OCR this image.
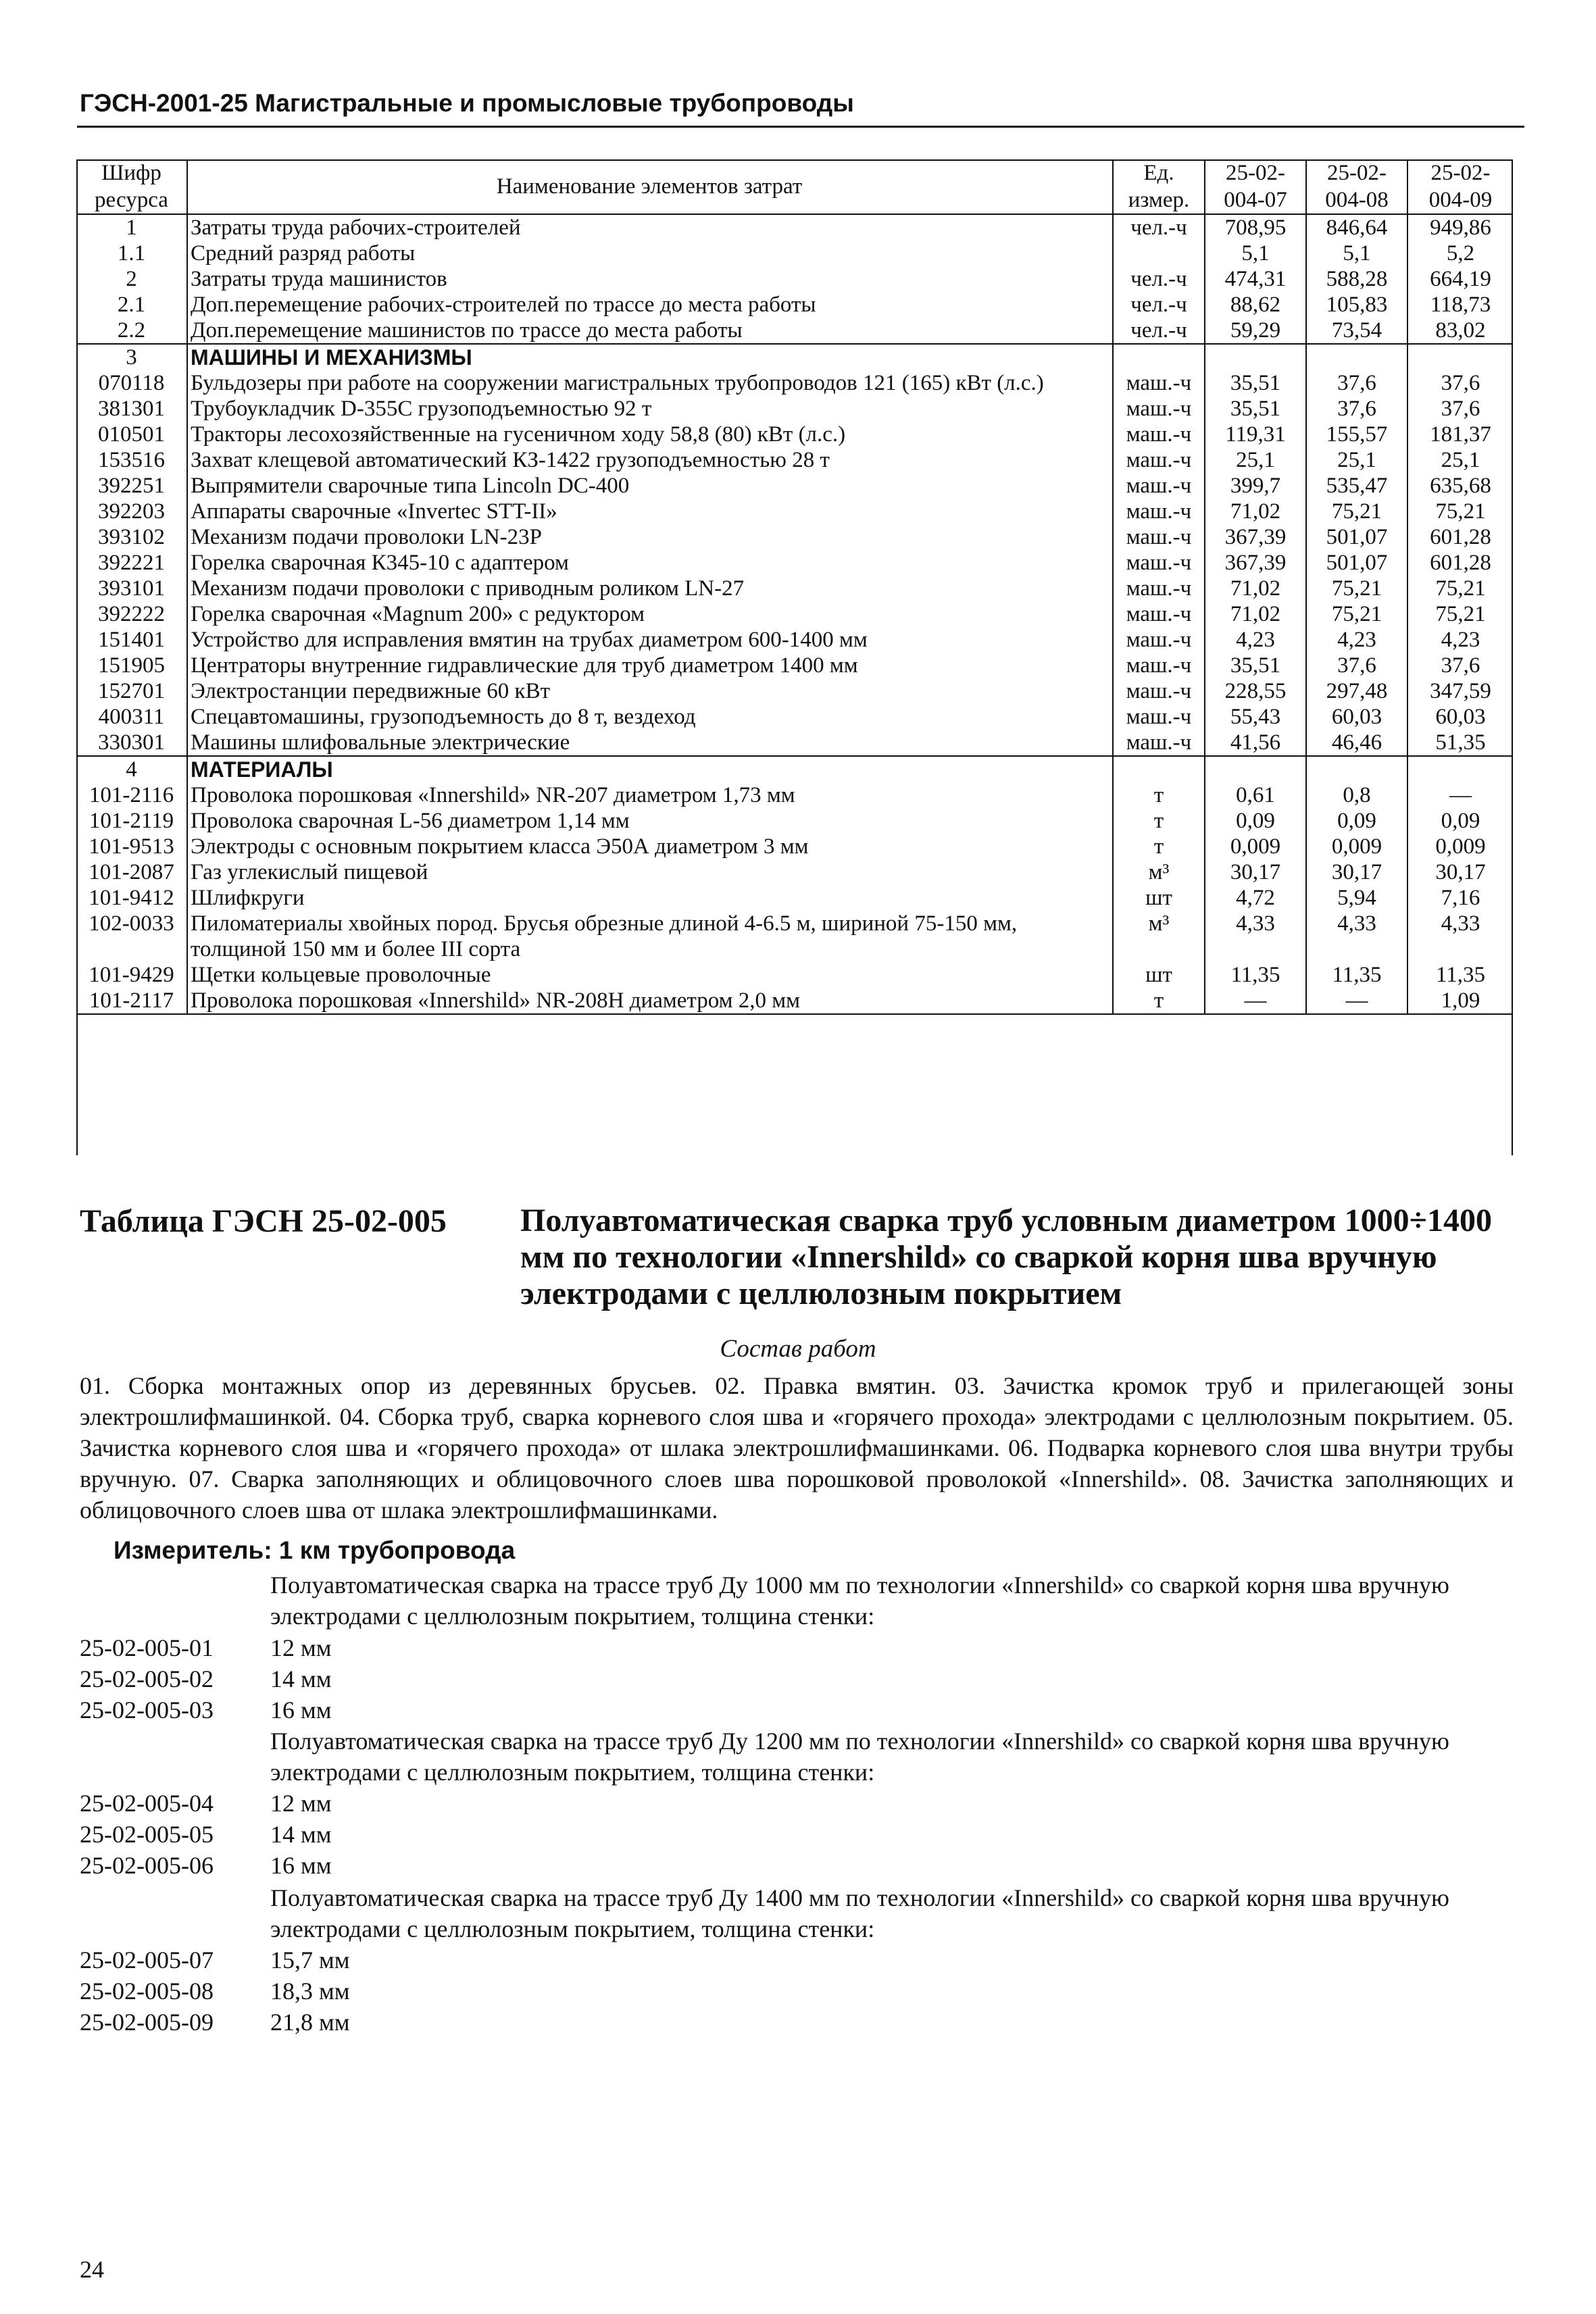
ГЭСН-2001-25 Магистральные и промысловые трубопроводы
Шифр ресурса	Наименование элементов затрат	Ед. измер.	25-02- 004-07	25-02- 004-08	25-02- 004-09
1	Затраты труда рабочих-строителей	чел.-ч	708,95	846,64	949,86
1.1	Средний разряд работы		5,1	5,1	5,2
2	Затраты труда машинистов	чел.-ч	474,31	588,28	664,19
2.1	Доп.перемещение рабочих-строителей по трассе до места работы	чел.-ч	88,62	105,83	118,73
2.2	Доп.перемещение машинистов по трассе до места работы	чел.-ч	59,29	73,54	83,02
3	МАШИНЫ И МЕХАНИЗМЫ				
070118	Бульдозеры при работе на сооружении магистральных трубопроводов 121 (165) кВт (л.с.)	маш.-ч	35,51	37,6	37,6
381301	Трубоукладчик D-355C грузоподъемностью 92 т	маш.-ч	35,51	37,6	37,6
010501	Тракторы лесохозяйственные на гусеничном ходу 58,8 (80) кВт (л.с.)	маш.-ч	119,31	155,57	181,37
153516	Захват клещевой автоматический КЗ-1422 грузоподъемностью 28 т	маш.-ч	25,1	25,1	25,1
392251	Выпрямители сварочные типа Lincoln DC-400	маш.-ч	399,7	535,47	635,68
392203	Аппараты сварочные «Invertec STT-II»	маш.-ч	71,02	75,21	75,21
393102	Механизм подачи проволоки LN-23P	маш.-ч	367,39	501,07	601,28
392221	Горелка сварочная К345-10 с адаптером	маш.-ч	367,39	501,07	601,28
393101	Механизм подачи проволоки с приводным роликом LN-27	маш.-ч	71,02	75,21	75,21
392222	Горелка сварочная «Magnum 200» с редуктором	маш.-ч	71,02	75,21	75,21
151401	Устройство для исправления вмятин на трубах диаметром 600-1400 мм	маш.-ч	4,23	4,23	4,23
151905	Центраторы внутренние гидравлические для труб диаметром 1400 мм	маш.-ч	35,51	37,6	37,6
152701	Электростанции передвижные 60 кВт	маш.-ч	228,55	297,48	347,59
400311	Спецавтомашины, грузоподъемность до 8 т, вездеход	маш.-ч	55,43	60,03	60,03
330301	Машины шлифовальные электрические	маш.-ч	41,56	46,46	51,35
4	МАТЕРИАЛЫ				
101-2116	Проволока порошковая «Innershild» NR-207 диаметром 1,73 мм	т	0,61	0,8	—
101-2119	Проволока сварочная L-56 диаметром 1,14 мм	т	0,09	0,09	0,09
101-9513	Электроды с основным покрытием класса Э50А диаметром 3 мм	т	0,009	0,009	0,009
101-2087	Газ углекислый пищевой	м³	30,17	30,17	30,17
101-9412	Шлифкруги	шт	4,72	5,94	7,16
102-0033	Пиломатериалы хвойных пород. Брусья обрезные длиной 4-6.5 м, шириной 75-150 мм, толщиной 150 мм и более III сорта	м³	4,33	4,33	4,33
101-9429	Щетки кольцевые проволочные	шт	11,35	11,35	11,35
101-2117	Проволока порошковая «Innershild» NR-208H диаметром 2,0 мм	т	—	—	1,09
Таблица ГЭСН 25-02-005 Полуавтоматическая сварка труб условным диаметром 1000÷1400 мм по технологии «Innershild» со сваркой корня шва вручную электродами с целлюлозным покрытием
Состав работ
01. Сборка монтажных опор из деревянных брусьев. 02. Правка вмятин. 03. Зачистка кромок труб и прилегающей зоны электрошлифмашинкой. 04. Сборка труб, сварка корневого слоя шва и «горячего прохода» электродами с целлюлозным покрытием. 05. Зачистка корневого слоя шва и «горячего прохода» от шлака электрошлифмашинками. 06. Подварка корневого слоя шва внутри трубы вручную. 07. Сварка заполняющих и облицовочного слоев шва порошковой проволокой «Innershild». 08. Зачистка заполняющих и облицовочного слоев шва от шлака электрошлифмашинками.
Измеритель: 1 км трубопровода
Полуавтоматическая сварка на трассе труб Ду 1000 мм по технологии «Innershild» со сваркой корня шва вручную электродами с целлюлозным покрытием, толщина стенки:
25-02-005-01 12 мм
25-02-005-02 14 мм
25-02-005-03 16 мм
Полуавтоматическая сварка на трассе труб Ду 1200 мм по технологии «Innershild» со сваркой корня шва вручную электродами с целлюлозным покрытием, толщина стенки:
25-02-005-04 12 мм
25-02-005-05 14 мм
25-02-005-06 16 мм
Полуавтоматическая сварка на трассе труб Ду 1400 мм по технологии «Innershild» со сваркой корня шва вручную электродами с целлюлозным покрытием, толщина стенки:
25-02-005-07 15,7 мм
25-02-005-08 18,3 мм
25-02-005-09 21,8 мм
24
